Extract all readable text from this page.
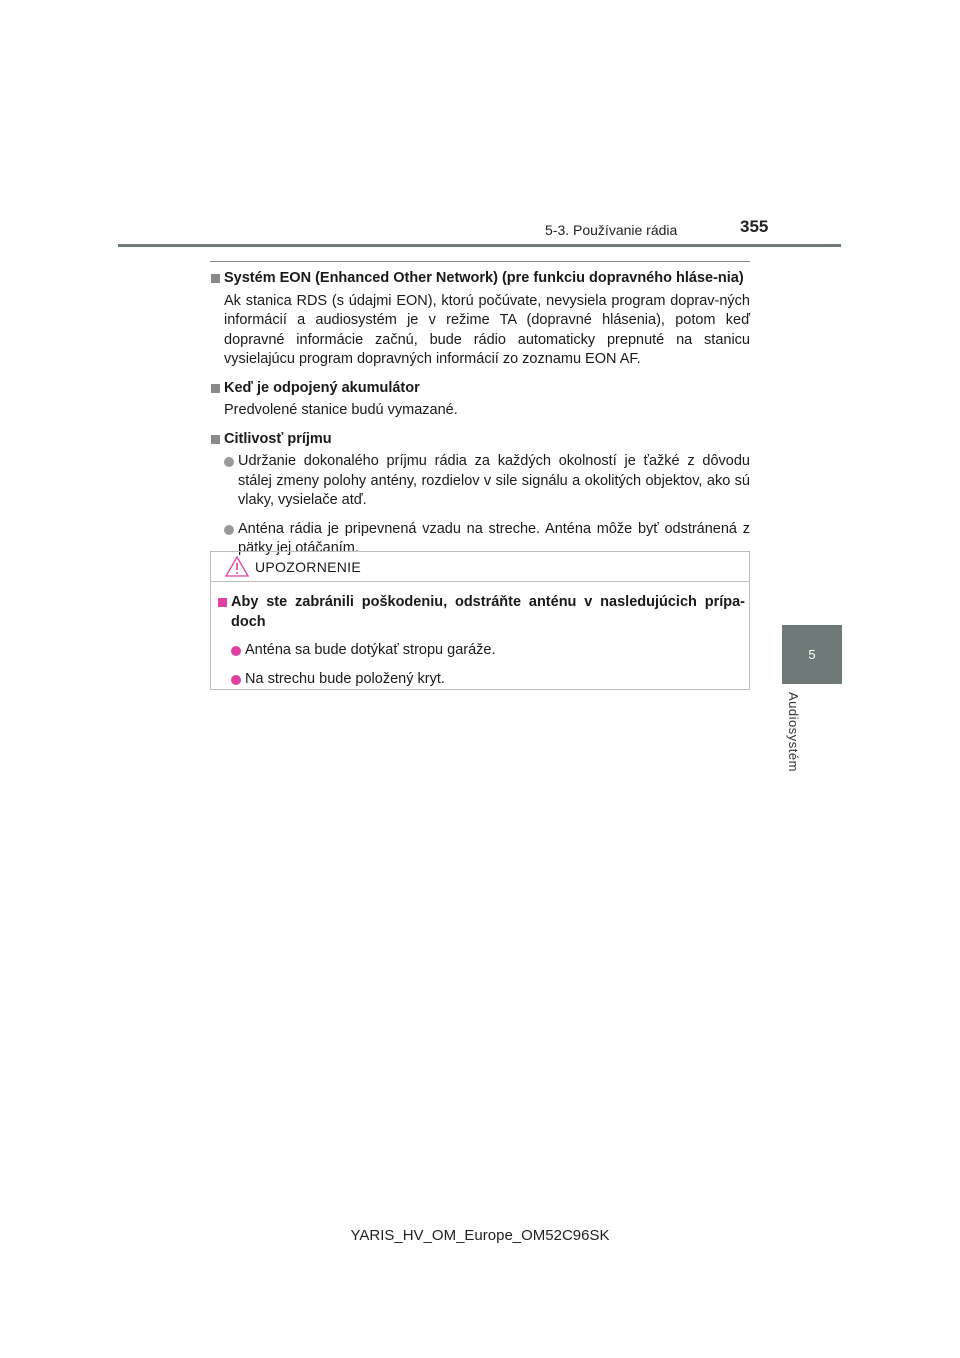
5-3. Používanie rádia	355
5
Audiosystém
Systém EON (Enhanced Other Network) (pre funkciu dopravného hláse-nia)
Ak stanica RDS (s údajmi EON), ktorú počúvate, nevysiela program doprav-ných informácií a audiosystém je v režime TA (dopravné hlásenia), potom keď dopravné informácie začnú, bude rádio automaticky prepnuté na stanicu vysielajúcu program dopravných informácií zo zoznamu EON AF.
Keď je odpojený akumulátor
Predvolené stanice budú vymazané.
Citlivosť príjmu
Udržanie dokonalého príjmu rádia za každých okolností je ťažké z dôvodu stálej zmeny polohy antény, rozdielov v sile signálu a okolitých objektov, ako sú vlaky, vysielače atď.
Anténa rádia je pripevnená vzadu na streche. Anténa môže byť odstránená z pätky jej otáčaním.
UPOZORNENIE
Aby ste zabránili poškodeniu, odstráňte anténu v nasledujúcich prípa-doch
Anténa sa bude dotýkať stropu garáže.
Na strechu bude položený kryt.
YARIS_HV_OM_Europe_OM52C96SK
